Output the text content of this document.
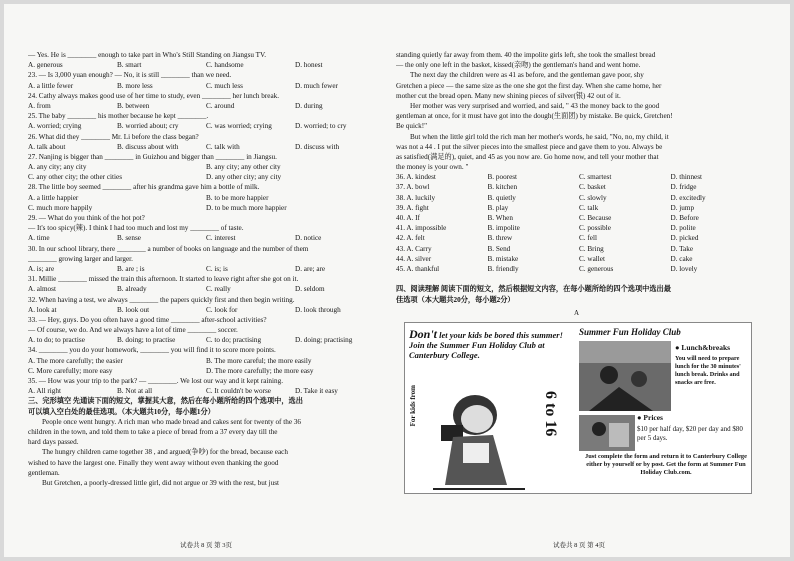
— Yes. He is ________ enough to take part in Who's Still Standing on Jiangsu TV.
A. generous	B. smart	C. handsome	D. honest
23. — Is 3,000 yuan enough? — No, it is still ________ than we need.
A. a little fewer	B. more less	C. much less	D. much fewer
24. Cathy always makes good use of her time to study, even ________ her lunch break.
A. from	B. between	C. around	D. during
25. The baby ________ his mother because he kept ________.
A. worried; crying	B. worried about; cry	C. was worried; crying	D. worried; to cry
26. What did they ________ Mr. Li before the class began?
A. talk about	B. discuss about with	C. talk with	D. discuss with
27. Nanjing is bigger than ________ in Guizhou and bigger than ________ in Jiangsu.
A. any city; any city	B. any city; any other city
C. any other city; the other cities	D. any other city; any city
28. The little boy seemed ________ after his grandma gave him a bottle of milk.
A. a little happier	B. to be more happier
C. much more happily	D. to be much more happier
29. — What do you think of the hot pot?
— It's too spicy(辣). I think I had too much and lost my ________ of taste.
A. time	B. sense	C. interest	D. notice
30. In our school library, there ________ a number of books on language and the number of them
________ growing larger and larger.
A. is; are	B. are ; is	C. is; is	D. are; are
31. Millie ________ missed the train this afternoon. It started to leave right after she got on it.
A. almost	B. already	C. really	D. seldom
32. When having a test, we always ________ the papers quickly first and then begin writing.
A. look at	B. look out	C. look for	D. look through
33. — Hey, guys. Do you often have a good time ________ after-school activities?
— Of course, we do. And we always have a lot of time ________ soccer.
A. to do; to practise	B. doing; to practise	C. to do; practising	D. doing; practising
34. ________ you do your homework, ________ you will find it to score more points.
A. The more carefully; the easier	B. The more careful; the more easily
C. More carefully; more easy	D. The more carefully; the more easy
35. — How was your trip to the park? — ________. We lost our way and it kept raining.
A. All right	B. Not at all	C. It couldn't be worse	D. Take it easy
三、完形填空 先通读下面的短文，掌握其大意，然后在每小题所给的四个选项中，选出
可以填入空白处的最佳选项。（本大题共10分，每小题1分）
People once went hungry. A rich man who made bread and cakes sent for twenty of the 36
children in the town, and told them to take a piece of bread from a 37 every day till the
hard days passed.
The hungry children came together 38 , and argued(争吵) for the bread, because each
wished to have the largest one. Finally they went away without even thanking the good
gentleman.
But Gretchen, a poorly-dressed little girl, did not argue or 39 with the rest, but just
试卷共 8 页 第 3页
standing quietly far away from them. 40 the impolite girls left, she took the smallest bread
— the only one left in the basket, kissed(亲吻) the gentleman's hand and went home.
The next day the children were as 41 as before, and the gentleman gave poor, shy
Gretchen a piece — the same size as the one she got the first day. When she came home, her
mother cut the bread open. Many new shining pieces of silver(银) 42 out of it.
Her mother was very surprised and worried, and said, " 43 the money back to the good
gentleman at once, for it must have got into the dough(生面团) by mistake. Be quick, Gretchen!
Be quick!"
But when the little girl told the rich man her mother's words, he said, "No, no, my child, it
was not a 44 . I put the silver pieces into the smallest piece and gave them to you. Always be
as satisfied(满足的), quiet, and 45 as you now are. Go home now, and tell your mother that
the money is your own. "
36. A. kindest	B. poorest	C. smartest	D. thinnest
37. A. bowl	B. kitchen	C. basket	D. fridge
38. A. luckily	B. quietly	C. slowly	D. excitedly
39. A. fight	B. play	C. talk	D. jump
40. A. If	B. When	C. Because	D. Before
41. A. impossible	B. impolite	C. possible	D. polite
42. A. felt	B. threw	C. fell	D. picked
43. A. Carry	B. Send	C. Bring	D. Take
44. A. silver	B. mistake	C. wallet	D. cake
45. A. thankful	B. friendly	C. generous	D. lovely
四、阅读理解 阅读下面的短文，然后根据短文内容，在每小题所给的四个选项中选出最
佳选项（本大题共20分，每小题2分）
A
Don't let your kids be bored this summer! Join the Summer Fun Holiday Club at Canterbury College.
For kids from	6 to 16
Summer Fun Holiday Club
● Lunch&breaks
You will need to prepare lunch for the 30 minutes' lunch break. Drinks and snacks are free.
● Prices
$10 per half day, $20 per day and $80 per 5 days.
Just complete the form and return it to Canterbury College either by yourself or by post. Get the form at Summer Fun Holiday Club.com.
试卷共 8 页 第 4页
